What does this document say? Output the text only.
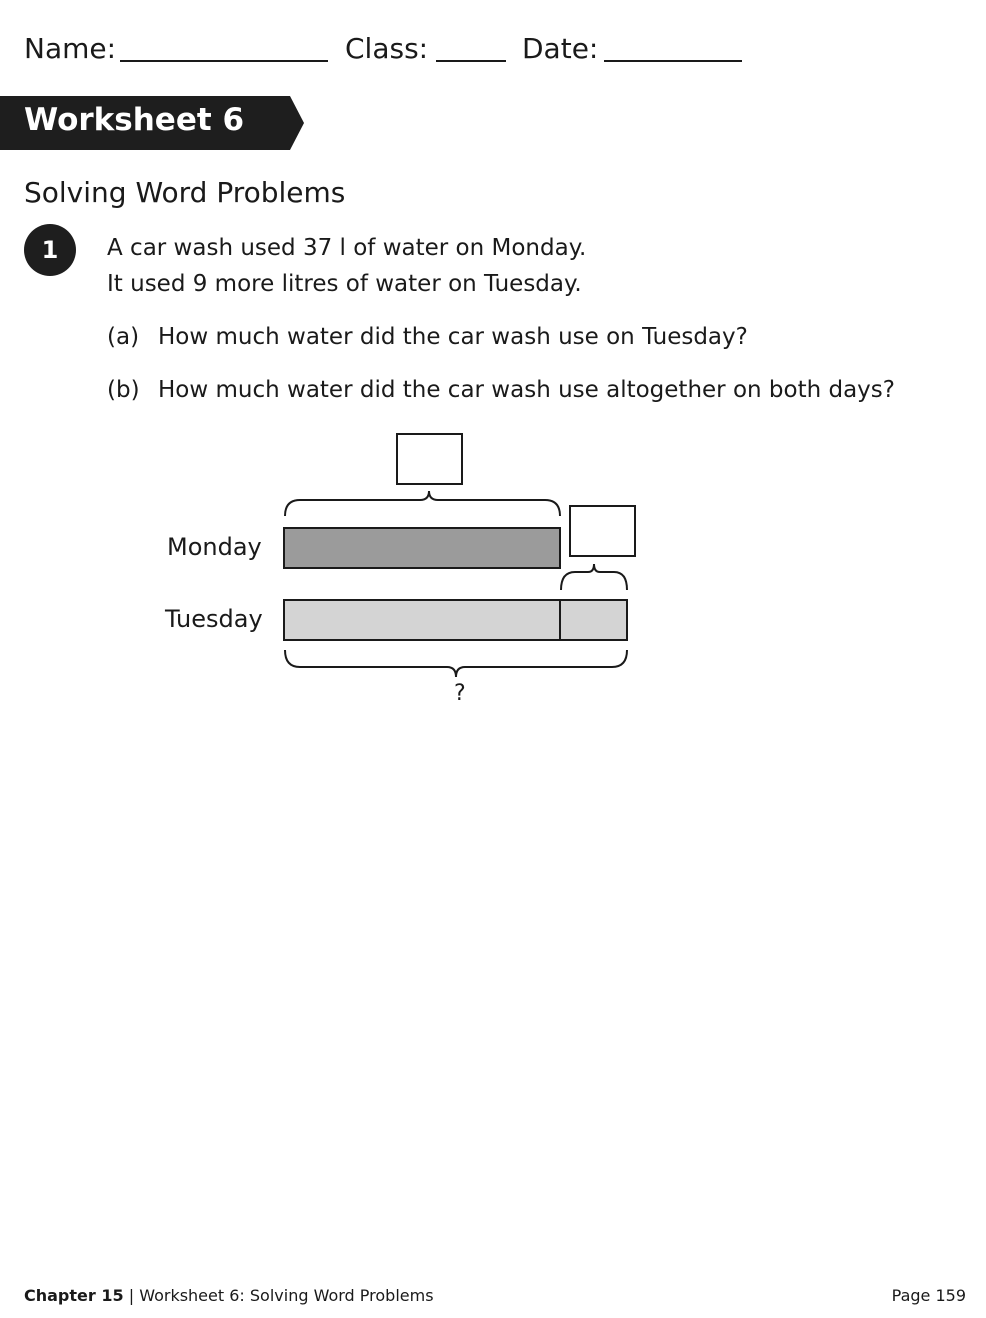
Name:	Class:	Date:
Worksheet 6
Solving Word Problems
1 A car wash used 37 l of water on Monday.
It used 9 more litres of water on Tuesday.
(a) How much water did the car wash use on Tuesday?
(b) How much water did the car wash use altogether on both days?
Monday
Tuesday
?
Chapter 15 | Worksheet 6: Solving Word Problems	Page 159
